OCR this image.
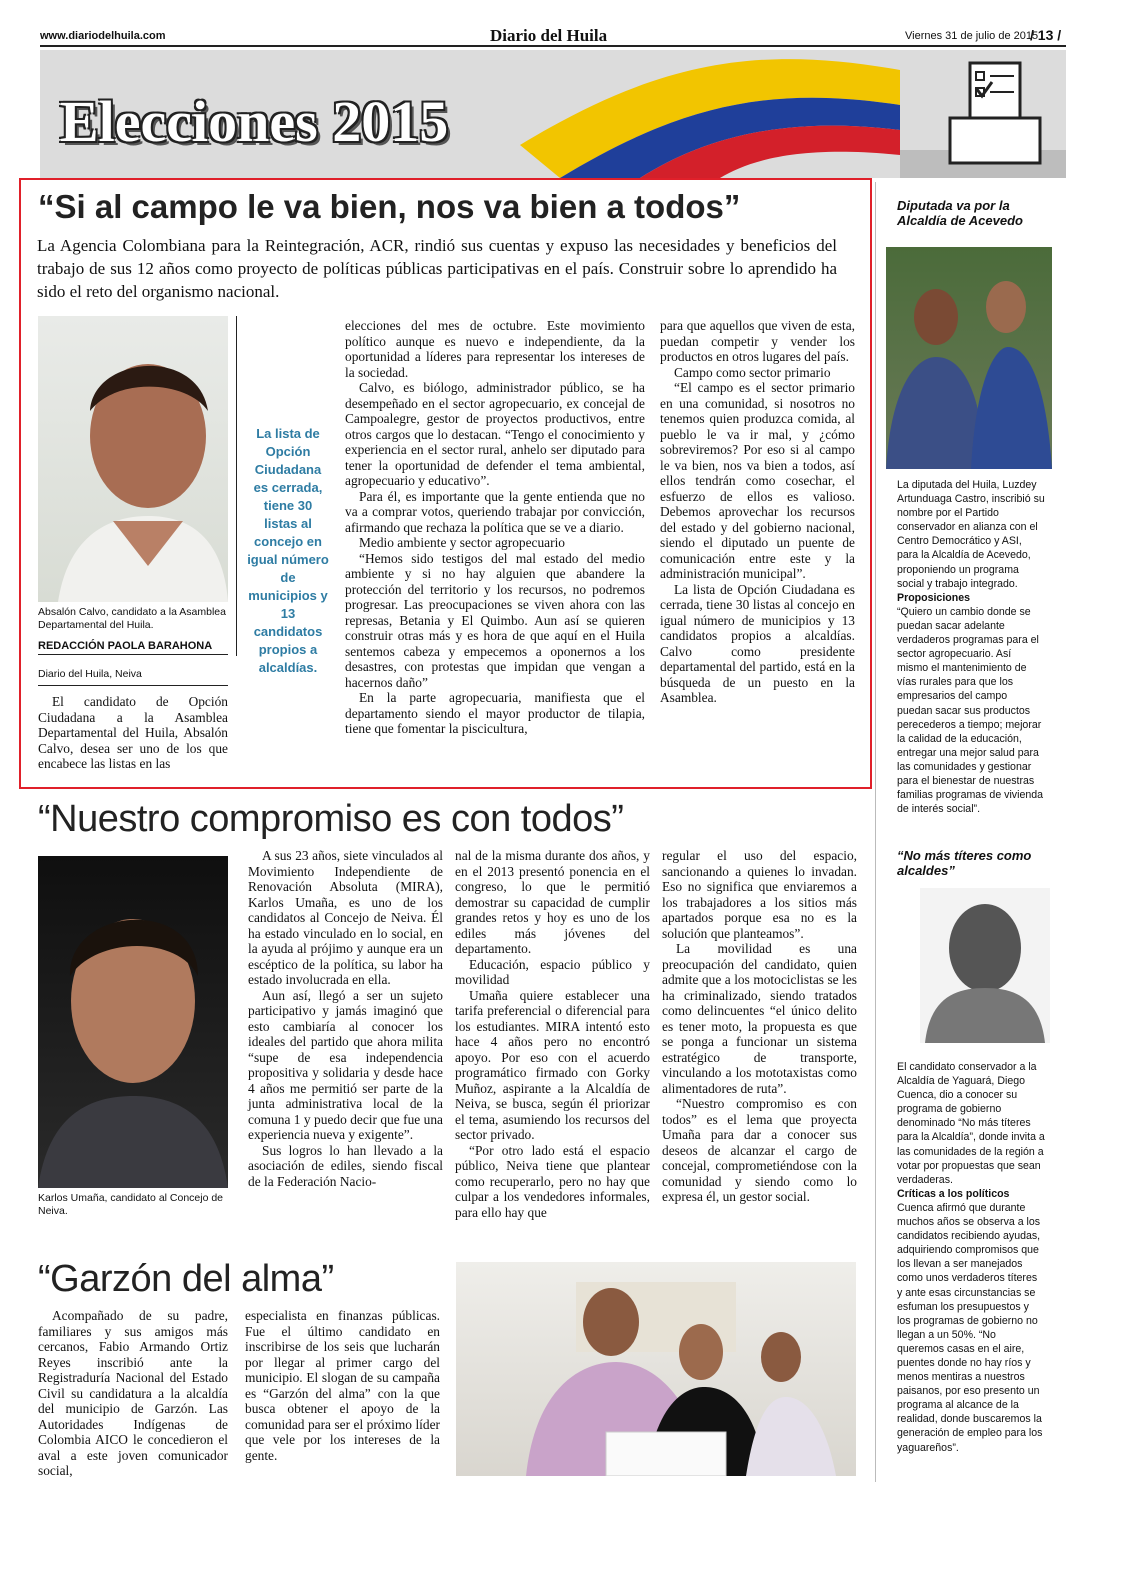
www.diariodelhuila.com	Diario del Huila	Viernes 31 de julio de 2015
/ 13 /
Elecciones 2015
“Si al campo le va bien, nos va bien a todos”
La Agencia Colombiana para la Reintegración, ACR, rindió sus cuentas y expuso las necesidades y beneficios del trabajo de sus 12 años como proyecto de políticas públicas participativas en el país. Construir sobre lo aprendido ha sido el reto del organismo nacional.
Absalón Calvo, candidato a la Asamblea Departamental del Huila.
REDACCIÓN PAOLA BARAHONA
Diario del Huila, Neiva

El candidato de Opción Ciudadana a la Asamblea Departamental del Huila, Absalón Calvo, desea ser uno de los que encabece las listas en las

La lista de Opción Ciudadana es cerrada, tiene 30 listas al concejo en igual número de municipios y 13 candidatos propios a alcaldías.

elecciones del mes de octubre. Este movimiento político aunque es nuevo e independiente, da la oportunidad a líderes para representar los intereses de la sociedad.

Calvo, es biólogo, administrador público, se ha desempeñado en el sector agropecuario, ex concejal de Campoalegre, gestor de proyectos productivos, entre otros cargos que lo destacan. “Tengo el conocimiento y experiencia en el sector rural, anhelo ser diputado para tener la oportunidad de defender el tema ambiental, agropecuario y educativo”.

Para él, es importante que la gente entienda que no va a comprar votos, queriendo trabajar por convicción, afirmando que rechaza la política que se ve a diario.

Medio ambiente y sector agropecuario

“Hemos sido testigos del mal estado del medio ambiente y si no hay alguien que abandere la protección del territorio y los recursos, no podremos progresar. Las preocupaciones se viven ahora con las represas, Betania y El Quimbo. Aun así se quieren construir otras más y es hora de que aquí en el Huila sentemos cabeza y empecemos a oponernos a los desastres, con protestas que impidan que vengan a hacernos daño”

En la parte agropecuaria, manifiesta que el departamento siendo el mayor productor de tilapia, tiene que fomentar la piscicultura,

para que aquellos que viven de esta, puedan competir y vender los productos en otros lugares del país.

Campo como sector primario

“El campo es el sector primario en una comunidad, si nosotros no tenemos quien produzca comida, al pueblo le va ir mal, y ¿cómo sobreviremos? Por eso si al campo le va bien, nos va bien a todos, así ellos tendrán como cosechar, el esfuerzo de ellos es valioso. Debemos aprovechar los recursos del estado y del gobierno nacional, siendo el diputado un puente de comunicación entre este y la administración municipal”.

La lista de Opción Ciudadana es cerrada, tiene 30 listas al concejo en igual número de municipios y 13 candidatos propios a alcaldías. Calvo como presidente departamental del partido, está en la búsqueda de un puesto en la Asamblea.

“Nuestro compromiso es con todos”
Karlos Umaña, candidato al Concejo de Neiva.

A sus 23 años, siete vinculados al Movimiento Independiente de Renovación Absoluta (MIRA), Karlos Umaña, es uno de los candidatos al Concejo de Neiva. Él ha estado vinculado en lo social, en la ayuda al prójimo y aunque era un escéptico de la política, su labor ha estado involucrada en ella.

Aun así, llegó a ser un sujeto participativo y jamás imaginó que esto cambiaría al conocer los ideales del partido que ahora milita “supe de esa independencia propositiva y solidaria y desde hace 4 años me permitió ser parte de la junta administrativa local de la comuna 1 y puedo decir que fue una experiencia nueva y exigente”.

Sus logros lo han llevado a la asociación de ediles, siendo fiscal de la Federación Nacio-

nal de la misma durante dos años, y en el 2013 presentó ponencia en el congreso, lo que le permitió demostrar su capacidad de cumplir grandes retos y hoy es uno de los ediles más jóvenes del departamento.

Educación, espacio público y movilidad

Umaña quiere establecer una tarifa preferencial o diferencial para los estudiantes. MIRA intentó esto hace 4 años pero no encontró apoyo. Por eso con el acuerdo programático firmado con Gorky Muñoz, aspirante a la Alcaldía de Neiva, se busca, según él priorizar el tema, asumiendo los recursos del sector privado.

“Por otro lado está el espacio público, Neiva tiene que plantear como recuperarlo, pero no hay que culpar a los vendedores informales, para ello hay que

regular el uso del espacio, sancionando a quienes lo invadan. Eso no significa que enviaremos a los trabajadores a los sitios más apartados porque esa no es la solución que planteamos”.

La movilidad es una preocupación del candidato, quien admite que a los motociclistas se les ha criminalizado, siendo tratados como delincuentes “el único delito es tener moto, la propuesta es que se ponga a funcionar un sistema estratégico de transporte, vinculando a los mototaxistas como alimentadores de ruta”.

“Nuestro compromiso es con todos” es el lema que proyecta Umaña para dar a conocer sus deseos de alcanzar el cargo de concejal, comprometiéndose con la comunidad y siendo como lo expresa él, un gestor social.

“Garzón del alma”

Acompañado de su padre, familiares y sus amigos más cercanos, Fabio Armando Ortiz Reyes inscribió ante la Registraduría Nacional del Estado Civil su candidatura a la alcaldía del municipio de Garzón. Las Autoridades Indígenas de Colombia AICO le concedieron el aval a este joven comunicador social,

especialista en finanzas públicas. Fue el último candidato en inscribirse de los seis que lucharán por llegar al primer cargo del municipio. El slogan de su campaña es “Garzón del alma” con la que busca obtener el apoyo de la comunidad para ser el próximo líder que vele por los intereses de la gente.

Diputada va por la Alcaldía de Acevedo

La diputada del Huila, Luzdey Artunduaga Castro, inscribió su nombre por el Partido conservador en alianza con el Centro Democrático y ASI, para la Alcaldía de Acevedo, proponiendo un programa social y trabajo integrado.

Proposiciones

“Quiero un cambio donde se puedan sacar adelante verdaderos programas para el sector agropecuario. Así mismo el mantenimiento de vías rurales para que los empresarios del campo puedan sacar sus productos perecederos a tiempo; mejorar la calidad de la educación, entregar una mejor salud para las comunidades y gestionar para el bienestar de nuestras familias programas de vivienda de interés social”.

“No más títeres como alcaldes”

El candidato conservador a la Alcaldía de Yaguará, Diego Cuenca, dio a conocer su programa de gobierno denominado “No más títeres para la Alcaldía”, donde invita a las comunidades de la región a votar por propuestas que sean verdaderas.

Críticas a los políticos

Cuenca afirmó que durante muchos años se observa a los candidatos recibiendo ayudas, adquiriendo compromisos que los llevan a ser manejados como unos verdaderos títeres y ante esas circunstancias se esfuman los presupuestos y los programas de gobierno no llegan a un 50%. “No queremos casas en el aire, puentes donde no hay ríos y menos mentiras a nuestros paisanos, por eso presento un programa al alcance de la realidad, donde buscaremos la generación de empleo para los yaguareños”.
